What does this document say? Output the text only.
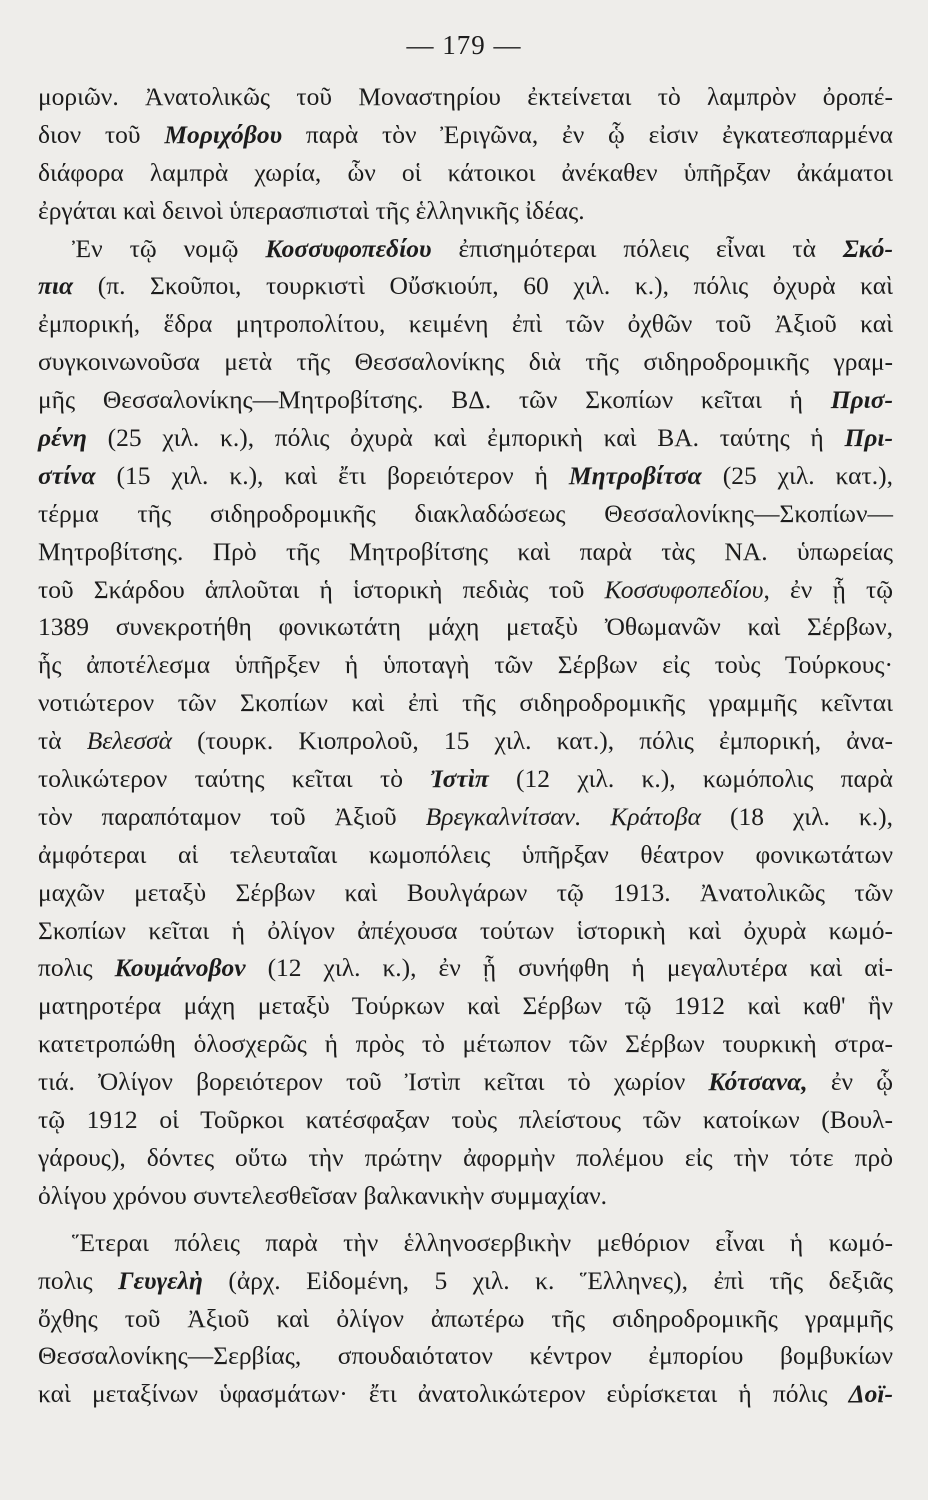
— 179 —
μοριῶν. Ἀνατολικῶς τοῦ Μοναστηρίου ἐκτείνεται τὸ λαμπρὸν ὀροπέ-
διον τοῦ Μοριχόβου παρὰ τὸν Ἐριγῶνα, ἐν ᾧ εἰσιν ἐγκατεσπαρμένα
διάφορα λαμπρὰ χωρία, ὧν οἱ κάτοικοι ἀνέκαθεν ὑπῆρξαν ἀκάματοι
ἐργάται καὶ δεινοὶ ὑπερασπισταὶ τῆς ἑλληνικῆς ἰδέας.
Ἐν τῷ νομῷ Κοσσυφοπεδίου ἐπισημότεραι πόλεις εἶναι τὰ Σκό-
πια (π. Σκοῦποι, τουρκιστὶ Οὔσκιούπ, 60 χιλ. κ.), πόλις ὀχυρὰ καὶ
ἐμπορική, ἕδρα μητροπολίτου, κειμένη ἐπὶ τῶν ὀχθῶν τοῦ Ἀξιοῦ καὶ
συγκοινωνοῦσα μετὰ τῆς Θεσσαλονίκης διὰ τῆς σιδηροδρομικῆς γραμ-
μῆς Θεσσαλονίκης—Μητροβίτσης. ΒΔ. τῶν Σκοπίων κεῖται ἡ Πρισ-
ρένη (25 χιλ. κ.), πόλις ὀχυρὰ καὶ ἐμπορικὴ καὶ ΒΑ. ταύτης ἡ Πρι-
στίνα (15 χιλ. κ.), καὶ ἔτι βορειότερον ἡ Μητροβίτσα (25 χιλ. κατ.),
τέρμα τῆς σιδηροδρομικῆς διακλαδώσεως Θεσσαλονίκης—Σκοπίων—
Μητροβίτσης. Πρὸ τῆς Μητροβίτσης καὶ παρὰ τὰς ΝΑ. ὑπωρείας
τοῦ Σκάρδου ἁπλοῦται ἡ ἱστορικὴ πεδιὰς τοῦ Κοσσυφοπεδίου, ἐν ᾗ τῷ
1389 συνεκροτήθη φονικωτάτη μάχη μεταξὺ Ὀθωμανῶν καὶ Σέρβων,
ἧς ἀποτέλεσμα ὑπῆρξεν ἡ ὑποταγὴ τῶν Σέρβων εἰς τοὺς Τούρκους·
νοτιώτερον τῶν Σκοπίων καὶ ἐπὶ τῆς σιδηροδρομικῆς γραμμῆς κεῖνται
τὰ Βελεσσὰ (τουρκ. Κιοπρολοῦ, 15 χιλ. κατ.), πόλις ἐμπορική, ἀνα-
τολικώτερον ταύτης κεῖται τὸ Ἰστὶπ (12 χιλ. κ.), κωμόπολις παρὰ
τὸν παραπόταμον τοῦ Ἀξιοῦ Βρεγκαλνίτσαν. Κράτοβα (18 χιλ. κ.),
ἀμφότεραι αἱ τελευταῖαι κωμοπόλεις ὑπῆρξαν θέατρον φονικωτάτων
μαχῶν μεταξὺ Σέρβων καὶ Βουλγάρων τῷ 1913. Ἀνατολικῶς τῶν
Σκοπίων κεῖται ἡ ὀλίγον ἀπέχουσα τούτων ἱστορικὴ καὶ ὀχυρὰ κωμό-
πολις Κουμάνοβον (12 χιλ. κ.), ἐν ᾗ συνήφθη ἡ μεγαλυτέρα καὶ αἱ-
ματηροτέρα μάχη μεταξὺ Τούρκων καὶ Σέρβων τῷ 1912 καὶ καθ' ἣν
κατετροπώθη ὁλοσχερῶς ἡ πρὸς τὸ μέτωπον τῶν Σέρβων τουρκικὴ στρα-
τιά. Ὀλίγον βορειότερον τοῦ Ἰστὶπ κεῖται τὸ χωρίον Κότσανα, ἐν ᾧ
τῷ 1912 οἱ Τοῦρκοι κατέσφαξαν τοὺς πλείστους τῶν κατοίκων (Βουλ-
γάρους), δόντες οὕτω τὴν πρώτην ἀφορμὴν πολέμου εἰς τὴν τότε πρὸ
ὀλίγου χρόνου συντελεσθεῖσαν βαλκανικὴν συμμαχίαν.
Ἕτεραι πόλεις παρὰ τὴν ἑλληνοσερβικὴν μεθόριον εἶναι ἡ κωμό-
πολις Γευγελὴ (ἀρχ. Εἰδομένη, 5 χιλ. κ. Ἕλληνες), ἐπὶ τῆς δεξιᾶς
ὄχθης τοῦ Ἀξιοῦ καὶ ὀλίγον ἀπωτέρω τῆς σιδηροδρομικῆς γραμμῆς
Θεσσαλονίκης—Σερβίας, σπουδαιότατον κέντρον ἐμπορίου βομβυκίων
καὶ μεταξίνων ὑφασμάτων· ἔτι ἀνατολικώτερον εὑρίσκεται ἡ πόλις Δοϊ-
